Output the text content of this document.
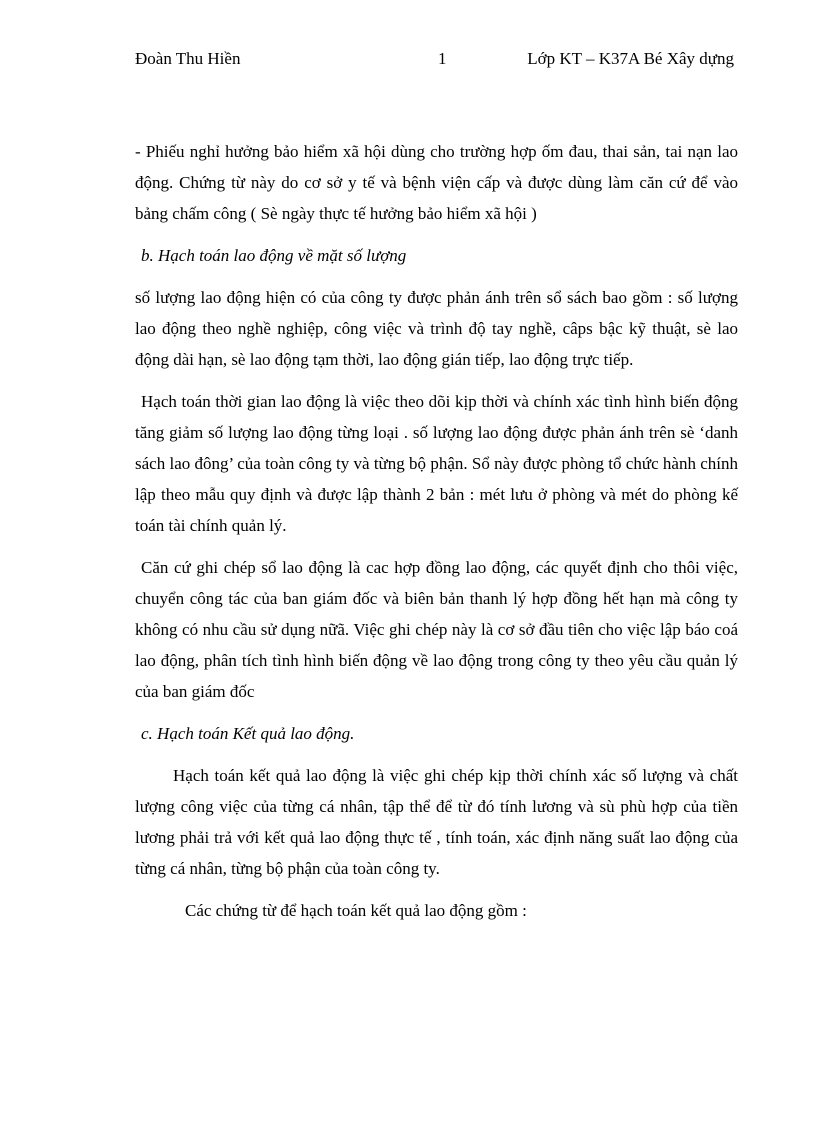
Đoàn Thu Hiền	1	Lớp KT – K37A Bé Xây dựng

- Phiếu nghỉ hưởng bảo hiểm xã hội dùng cho trường hợp ốm đau, thai sản, tai nạn lao động. Chứng từ này do cơ sở y tế và bệnh viện cấp và được dùng làm căn cứ để vào bảng chấm công ( Sè ngày thực tế hưởng bảo hiểm xã hội )

b. Hạch toán lao động về mặt số lượng

số lượng lao động hiện có của công ty được phản ánh trên sổ sách bao gồm : số lượng lao động theo nghề nghiệp, công việc và trình độ tay nghề, câps bậc kỹ thuật, sè lao động dài hạn, sè lao động tạm thời, lao động gián tiếp, lao động trực tiếp.

Hạch toán thời gian lao động là việc theo dõi kịp thời và chính xác tình hình biến động tăng giảm số lượng lao động từng loại . số lượng lao động được phản ánh trên sè ‘danh sách lao đông’ của toàn công ty và từng bộ phận. Sổ này được phòng tổ chức hành chính lập theo mẫu quy định và được lập thành 2 bản : mét lưu ở phòng và mét do phòng kế toán tài chính quản lý.

Căn cứ ghi chép sổ lao động là cac hợp đồng lao động, các quyết định cho thôi việc, chuyển công tác của ban giám đốc và biên bản thanh lý hợp đồng hết hạn mà công ty không có nhu cầu sử dụng nữã. Việc ghi chép này là cơ sở đầu tiên cho việc lập báo coá lao động, phân tích tình hình biến động về lao động trong công ty theo yêu cầu quản lý của ban giám đốc

c. Hạch toán Kết quả lao động.

Hạch toán kết quả lao động là việc ghi chép kịp thời chính xác số lượng và chất lượng công việc của từng cá nhân, tập thể để từ đó tính lương và sù phù hợp của tiền lương phải trả với kết quả lao động thực tế , tính toán, xác định năng suất lao động của từng cá nhân, từng bộ phận của toàn công ty.

Các chứng từ để hạch toán kết quả lao động gồm :
